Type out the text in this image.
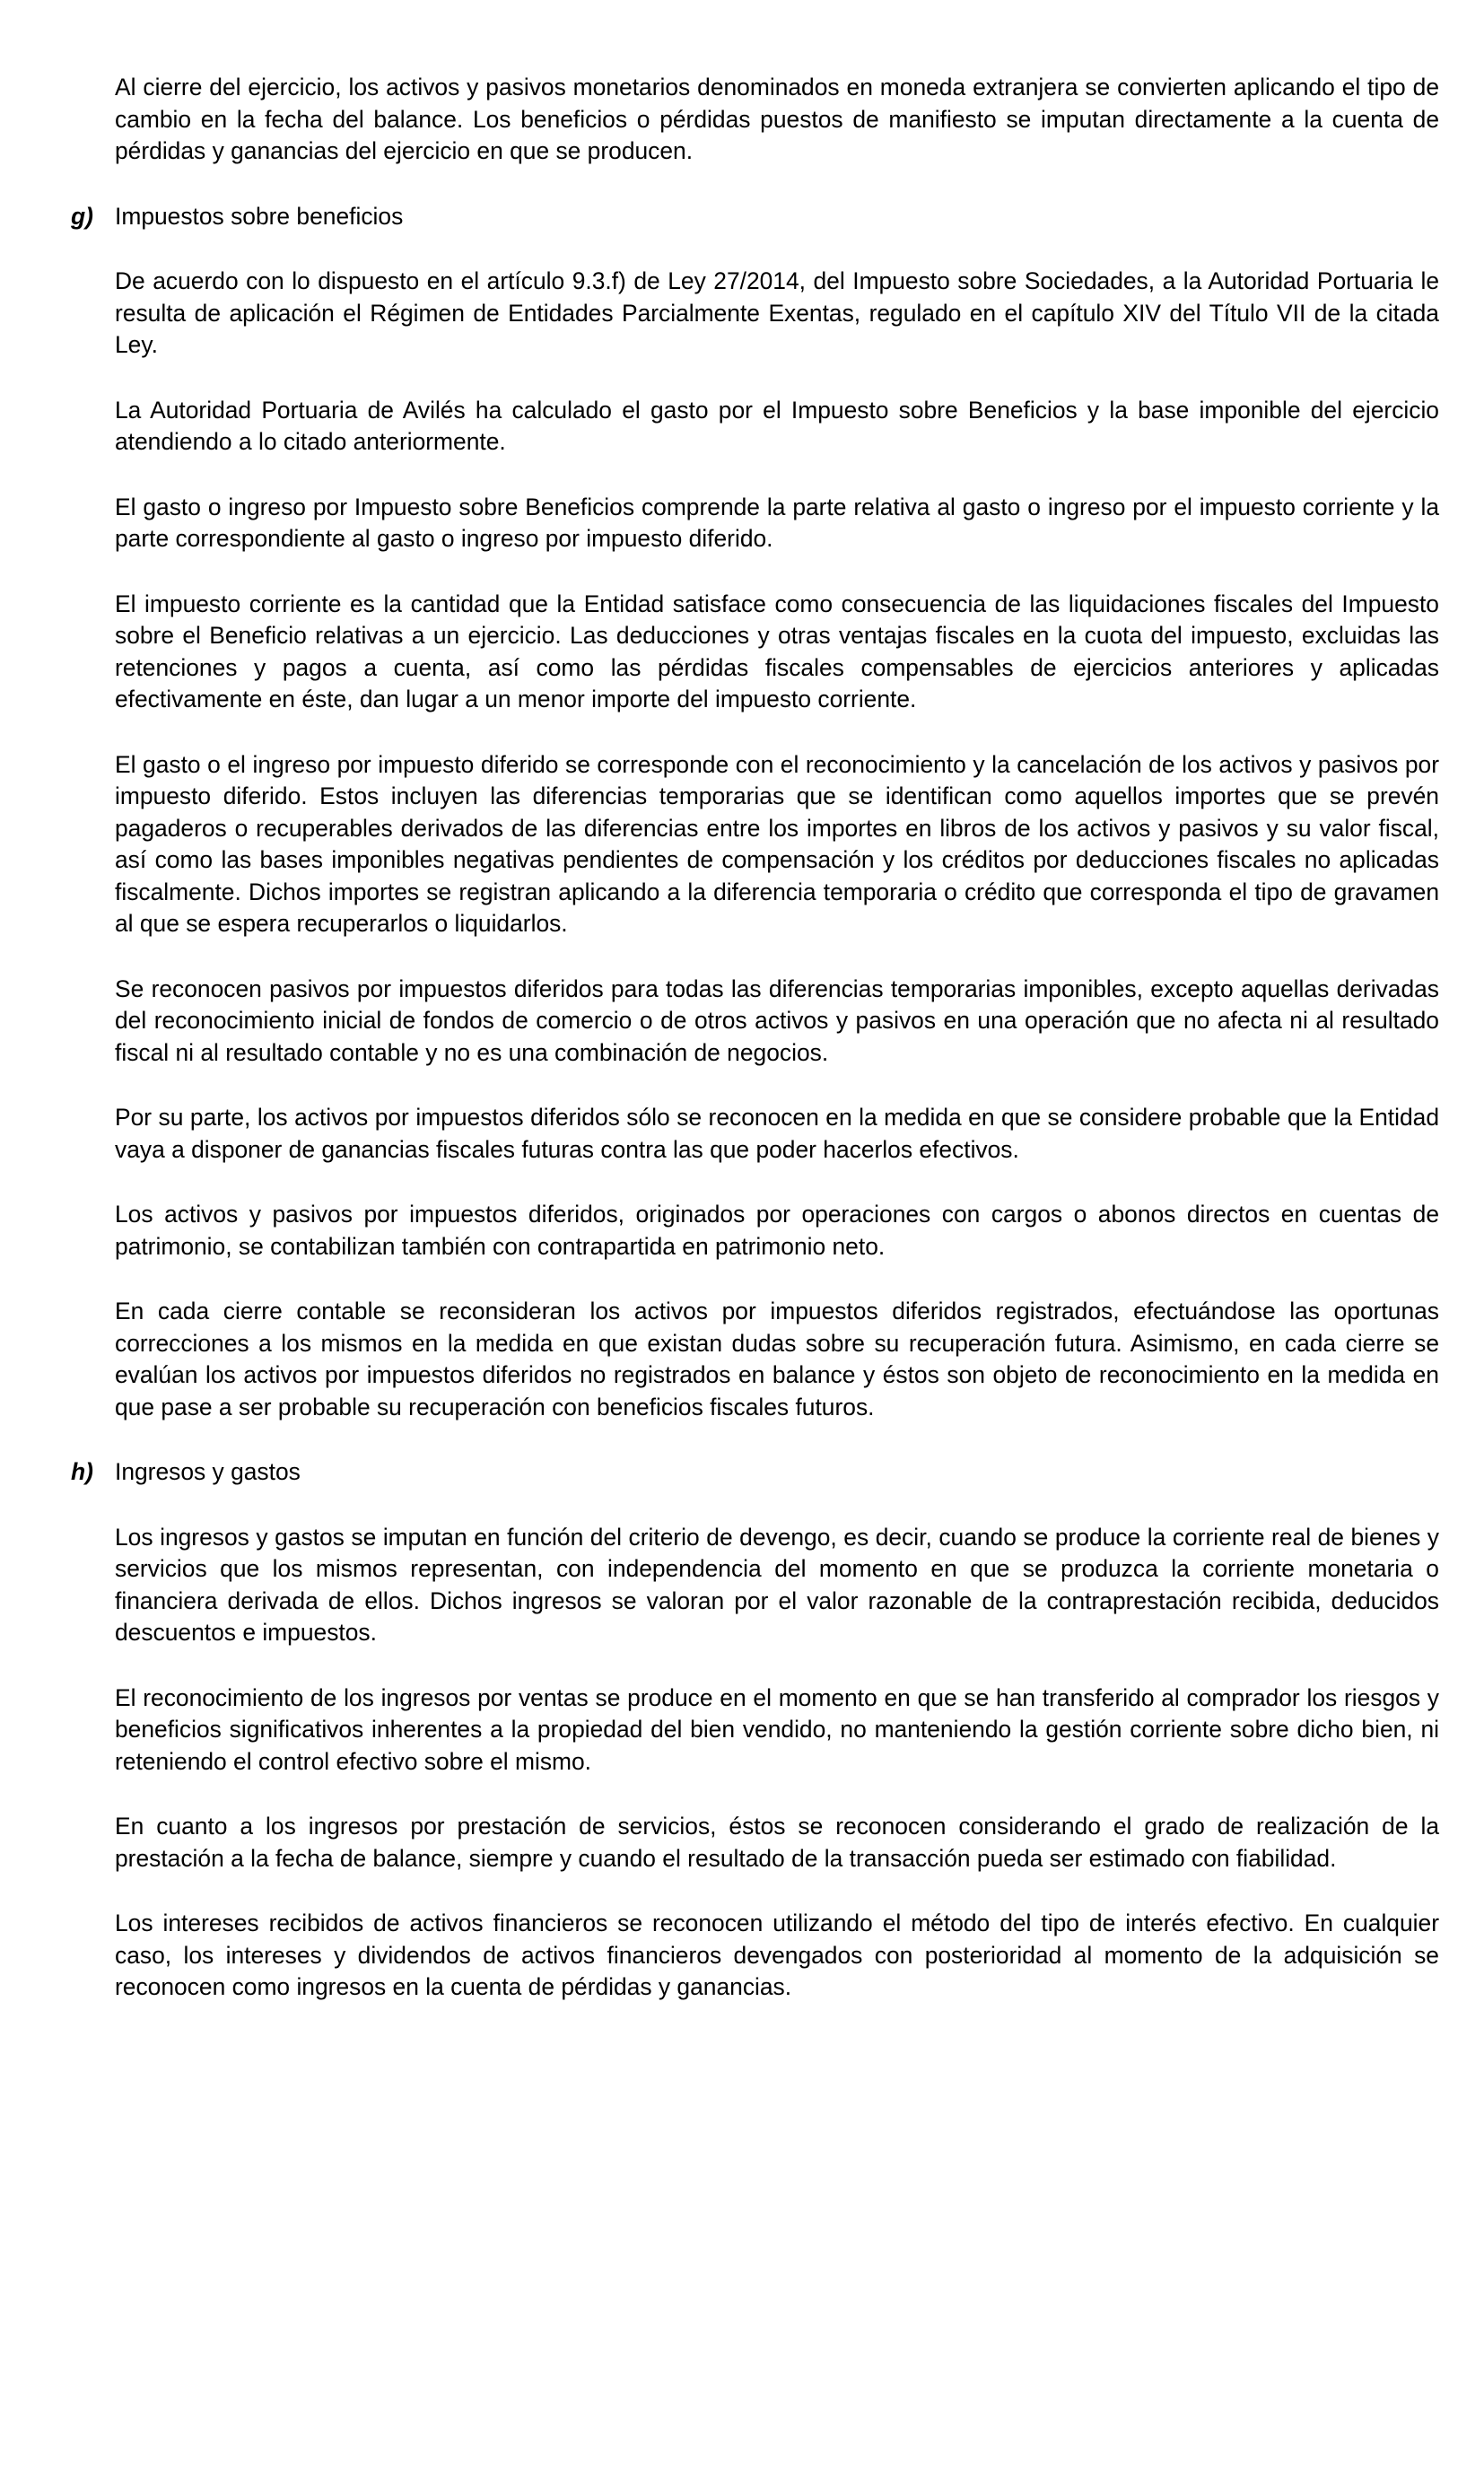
Al cierre del ejercicio, los activos y pasivos monetarios denominados en moneda extranjera se convierten aplicando el tipo de cambio en la fecha del balance. Los beneficios o pérdidas puestos de manifiesto se imputan directamente a la cuenta de pérdidas y ganancias del ejercicio en que se producen.

g) Impuestos sobre beneficios

De acuerdo con lo dispuesto en el artículo 9.3.f) de Ley 27/2014, del Impuesto sobre Sociedades, a la Autoridad Portuaria le resulta de aplicación el Régimen de Entidades Parcialmente Exentas, regulado en el capítulo XIV del Título VII de la citada Ley.

La Autoridad Portuaria de Avilés ha calculado el gasto por el Impuesto sobre Beneficios y la base imponible del ejercicio atendiendo a lo citado anteriormente.

El gasto o ingreso por Impuesto sobre Beneficios comprende la parte relativa al gasto o ingreso por el impuesto corriente y la parte correspondiente al gasto o ingreso por impuesto diferido.

El impuesto corriente es la cantidad que la Entidad satisface como consecuencia de las liquidaciones fiscales del Impuesto sobre el Beneficio relativas a un ejercicio. Las deducciones y otras ventajas fiscales en la cuota del impuesto, excluidas las retenciones y pagos a cuenta, así como las pérdidas fiscales compensables de ejercicios anteriores y aplicadas efectivamente en éste, dan lugar a un menor importe del impuesto corriente.

El gasto o el ingreso por impuesto diferido se corresponde con el reconocimiento y la cancelación de los activos y pasivos por impuesto diferido. Estos incluyen las diferencias temporarias que se identifican como aquellos importes que se prevén pagaderos o recuperables derivados de las diferencias entre los importes en libros de los activos y pasivos y su valor fiscal, así como las bases imponibles negativas pendientes de compensación y los créditos por deducciones fiscales no aplicadas fiscalmente. Dichos importes se registran aplicando a la diferencia temporaria o crédito que corresponda el tipo de gravamen al que se espera recuperarlos o liquidarlos.

Se reconocen pasivos por impuestos diferidos para todas las diferencias temporarias imponibles, excepto aquellas derivadas del reconocimiento inicial de fondos de comercio o de otros activos y pasivos en una operación que no afecta ni al resultado fiscal ni al resultado contable y no es una combinación de negocios.

Por su parte, los activos por impuestos diferidos sólo se reconocen en la medida en que se considere probable que la Entidad vaya a disponer de ganancias fiscales futuras contra las que poder hacerlos efectivos.

Los activos y pasivos por impuestos diferidos, originados por operaciones con cargos o abonos directos en cuentas de patrimonio, se contabilizan también con contrapartida en patrimonio neto.

En cada cierre contable se reconsideran los activos por impuestos diferidos registrados, efectuándose las oportunas correcciones a los mismos en la medida en que existan dudas sobre su recuperación futura. Asimismo, en cada cierre se evalúan los activos por impuestos diferidos no registrados en balance y éstos son objeto de reconocimiento en la medida en que pase a ser probable su recuperación con beneficios fiscales futuros.

h) Ingresos y gastos

Los ingresos y gastos se imputan en función del criterio de devengo, es decir, cuando se produce la corriente real de bienes y servicios que los mismos representan, con independencia del momento en que se produzca la corriente monetaria o financiera derivada de ellos. Dichos ingresos se valoran por el valor razonable de la contraprestación recibida, deducidos descuentos e impuestos.

El reconocimiento de los ingresos por ventas se produce en el momento en que se han transferido al comprador los riesgos y beneficios significativos inherentes a la propiedad del bien vendido, no manteniendo la gestión corriente sobre dicho bien, ni reteniendo el control efectivo sobre el mismo.

En cuanto a los ingresos por prestación de servicios, éstos se reconocen considerando el grado de realización de la prestación a la fecha de balance, siempre y cuando el resultado de la transacción pueda ser estimado con fiabilidad.

Los intereses recibidos de activos financieros se reconocen utilizando el método del tipo de interés efectivo. En cualquier caso, los intereses y dividendos de activos financieros devengados con posterioridad al momento de la adquisición se reconocen como ingresos en la cuenta de pérdidas y ganancias.
